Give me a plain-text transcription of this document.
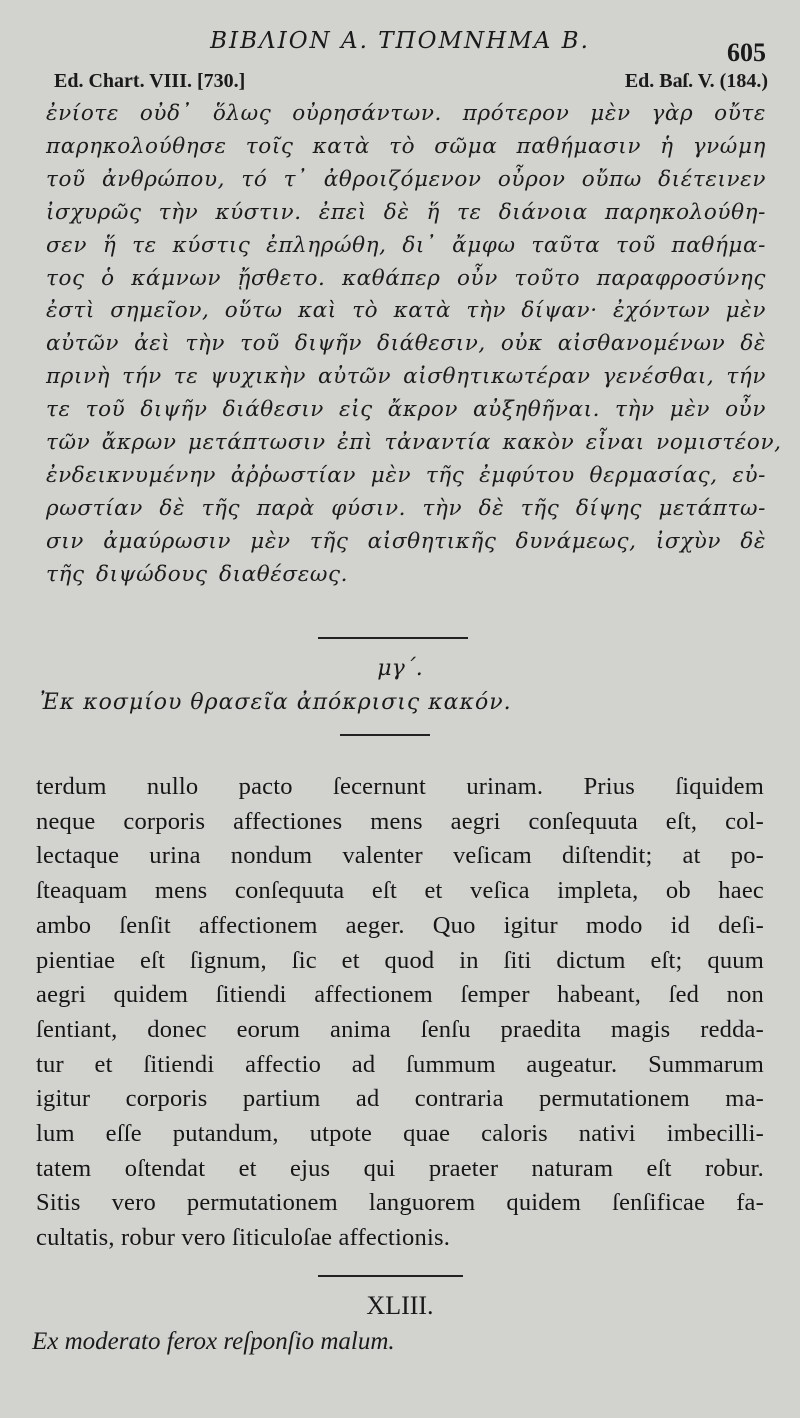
ΒΙΒΛΙΟΝ Α. ΤΠΟΜΝΗΜΑ Β.	605
Ed. Chart. VIII. [730.]	Ed. Baſ. V. (184.)
ἐνίοτε οὐδ᾽ ὅλως οὐρησάντων. πρότερον μὲν γὰρ οὔτε
παρηκολούθησε τοῖς κατὰ τὸ σῶμα παθήμασιν ἡ γνώμη
τοῦ ἀνθρώπου, τό τ᾽ ἀθροιζόμενον οὖρον οὔπω διέτεινεν
ἰσχυρῶς τὴν κύστιν. ἐπεὶ δὲ ἥ τε διάνοια παρηκολούθη-
σεν ἥ τε κύστις ἐπληρώθη, δι᾽ ἄμφω ταῦτα τοῦ παθήμα-
τος ὁ κάμνων ᾔσθετο. καθάπερ οὖν τοῦτο παραφροσύνης
ἐστὶ σημεῖον, οὕτω καὶ τὸ κατὰ τὴν δίψαν· ἐχόντων μὲν
αὐτῶν ἀεὶ τὴν τοῦ διψῆν διάθεσιν, οὐκ αἰσθανομένων δὲ
πρινὴ τήν τε ψυχικὴν αὐτῶν αἰσθητικωτέραν γενέσθαι, τήν
τε τοῦ διψῆν διάθεσιν εἰς ἄκρον αὐξηθῆναι. τὴν μὲν οὖν
τῶν ἄκρων μετάπτωσιν ἐπὶ τἀναντία κακὸν εἶναι νομιστέον,
ἐνδεικνυμένην ἀῤῥωστίαν μὲν τῆς ἐμφύτου θερμασίας, εὐ-
ρωστίαν δὲ τῆς παρὰ φύσιν. τὴν δὲ τῆς δίψης μετάπτω-
σιν ἀμαύρωσιν μὲν τῆς αἰσθητικῆς δυνάμεως, ἰσχὺν δὲ
τῆς διψώδους διαθέσεως.
μγ΄.
Ἐκ κοσμίου θρασεῖα ἀπόκρισις κακόν.
terdum nullo pacto ſecernunt urinam. Prius ſiquidem
neque corporis affectiones mens aegri conſequuta eſt, col-
lectaque urina nondum valenter veſicam diſtendit; at po-
ſteaquam mens conſequuta eſt et veſica impleta, ob haec
ambo ſenſit affectionem aeger. Quo igitur modo id deſi-
pientiae eſt ſignum, ſic et quod in ſiti dictum eſt; quum
aegri quidem ſitiendi affectionem ſemper habeant, ſed non
ſentiant, donec eorum anima ſenſu praedita magis redda-
tur et ſitiendi affectio ad ſummum augeatur. Summarum
igitur corporis partium ad contraria permutationem ma-
lum eſſe putandum, utpote quae caloris nativi imbecilli-
tatem oſtendat et ejus qui praeter naturam eſt robur.
Sitis vero permutationem languorem quidem ſenſificae fa-
cultatis, robur vero ſiticuloſae affectionis.
XLIII.
Ex moderato ferox reſponſio malum.
